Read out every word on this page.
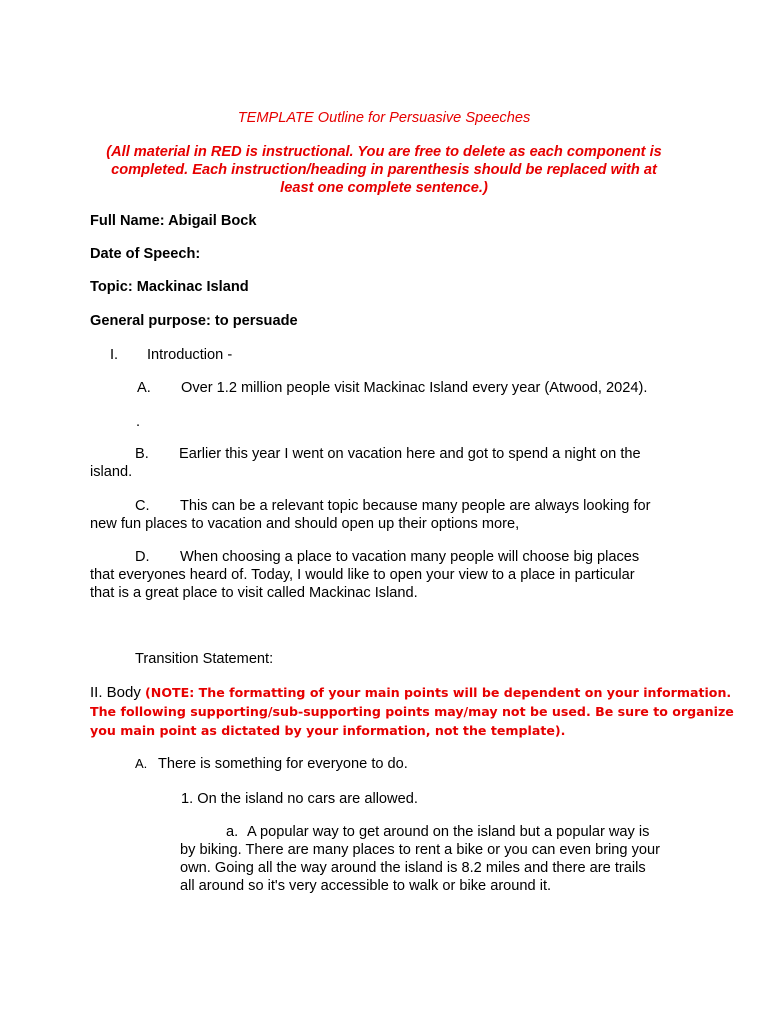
TEMPLATE Outline for Persuasive Speeches
(All material in RED is instructional. You are free to delete as each component is
completed. Each instruction/heading in parenthesis should be replaced with at
least one complete sentence.)
Full Name: Abigail Bock
Date of Speech:
Topic: Mackinac Island
General purpose: to persuade
I. Introduction -
A. Over 1.2 million people visit Mackinac Island every year (Atwood, 2024).
.
B. Earlier this year I went on vacation here and got to spend a night on the
island.
C. This can be a relevant topic because many people are always looking for
new fun places to vacation and should open up their options more,
D. When choosing a place to vacation many people will choose big places
that everyones heard of. Today, I would like to open your view to a place in particular
that is a great place to visit called Mackinac Island.
Transition Statement:
II. Body (NOTE: The formatting of your main points will be dependent on your information.
The following supporting/sub-supporting points may/may not be used. Be sure to organize
you main point as dictated by your information, not the template).
A. There is something for everyone to do.
1. On the island no cars are allowed.
a. A popular way to get around on the island but a popular way is
by biking. There are many places to rent a bike or you can even bring your
own. Going all the way around the island is 8.2 miles and there are trails
all around so it's very accessible to walk or bike around it.
